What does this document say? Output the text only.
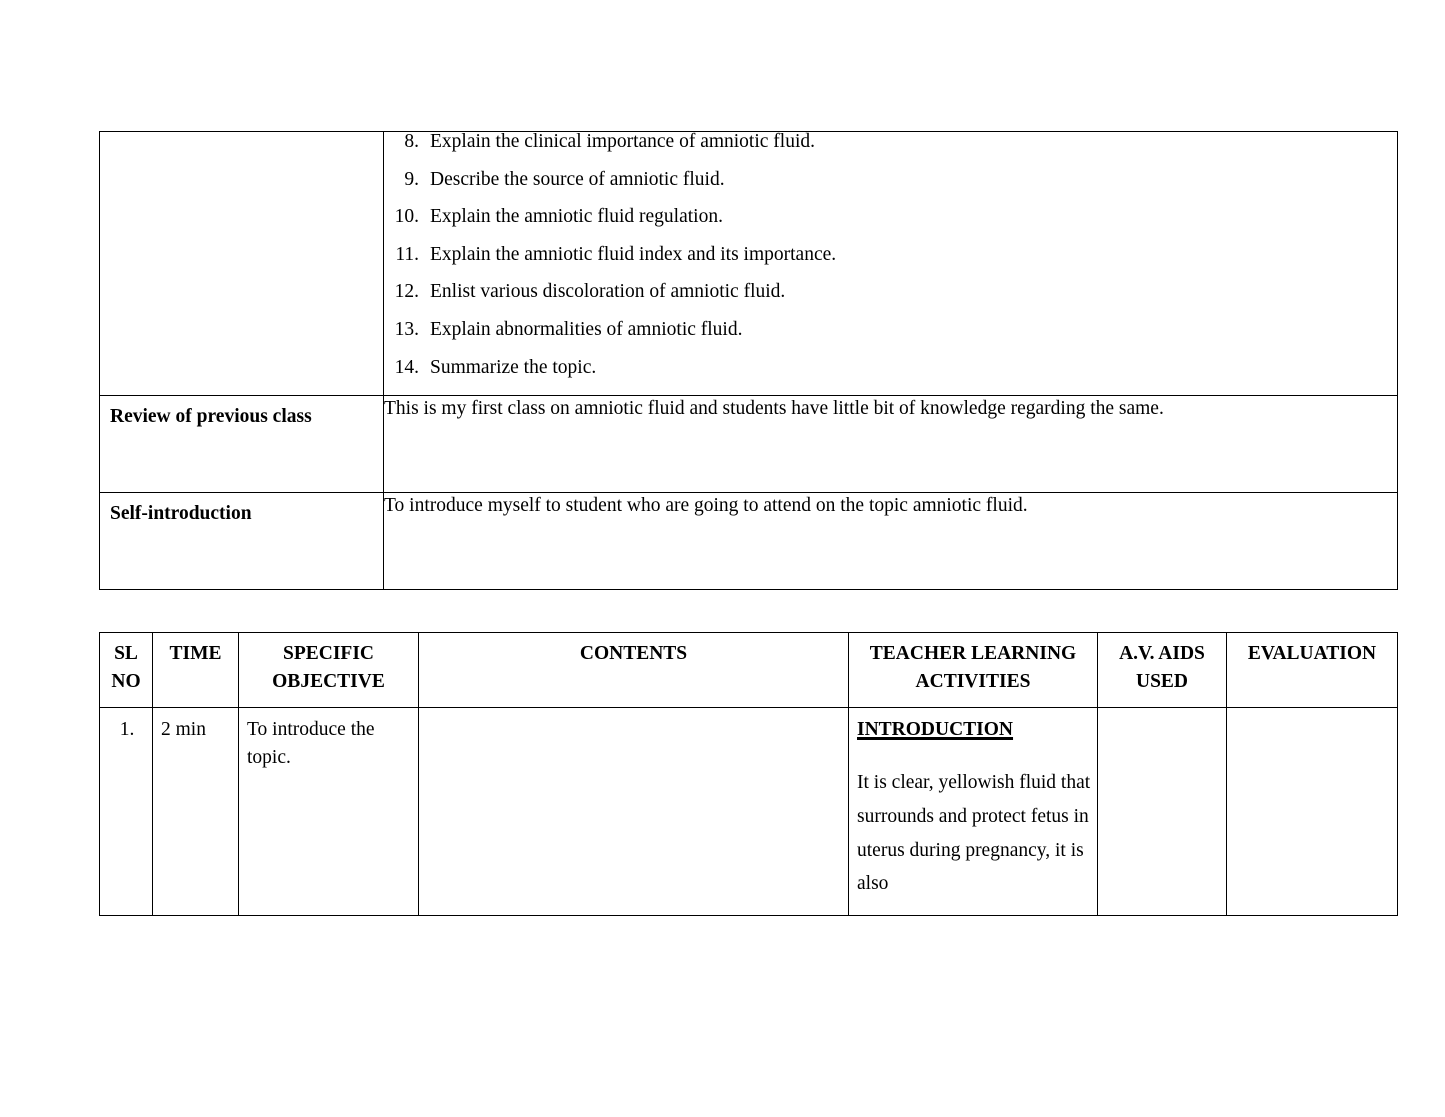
8. Explain the clinical importance of amniotic fluid.
9. Describe the source of amniotic fluid.
10. Explain the amniotic fluid regulation.
11. Explain the amniotic fluid index and its importance.
12. Enlist various discoloration of amniotic fluid.
13. Explain abnormalities of amniotic fluid.
14. Summarize the topic.

Review of previous class	This is my first class on amniotic fluid and students have little bit of knowledge regarding the same.

Self-introduction	To introduce myself to student who are going to attend on the topic amniotic fluid.
SL NO	TIME	SPECIFIC OBJECTIVE	CONTENTS	TEACHER LEARNING ACTIVITIES	A.V. AIDS USED	EVALUATION
1.	2 min	To introduce the topic.		INTRODUCTION
It is clear, yellowish fluid that surrounds and protect fetus in uterus during pregnancy, it is also		
